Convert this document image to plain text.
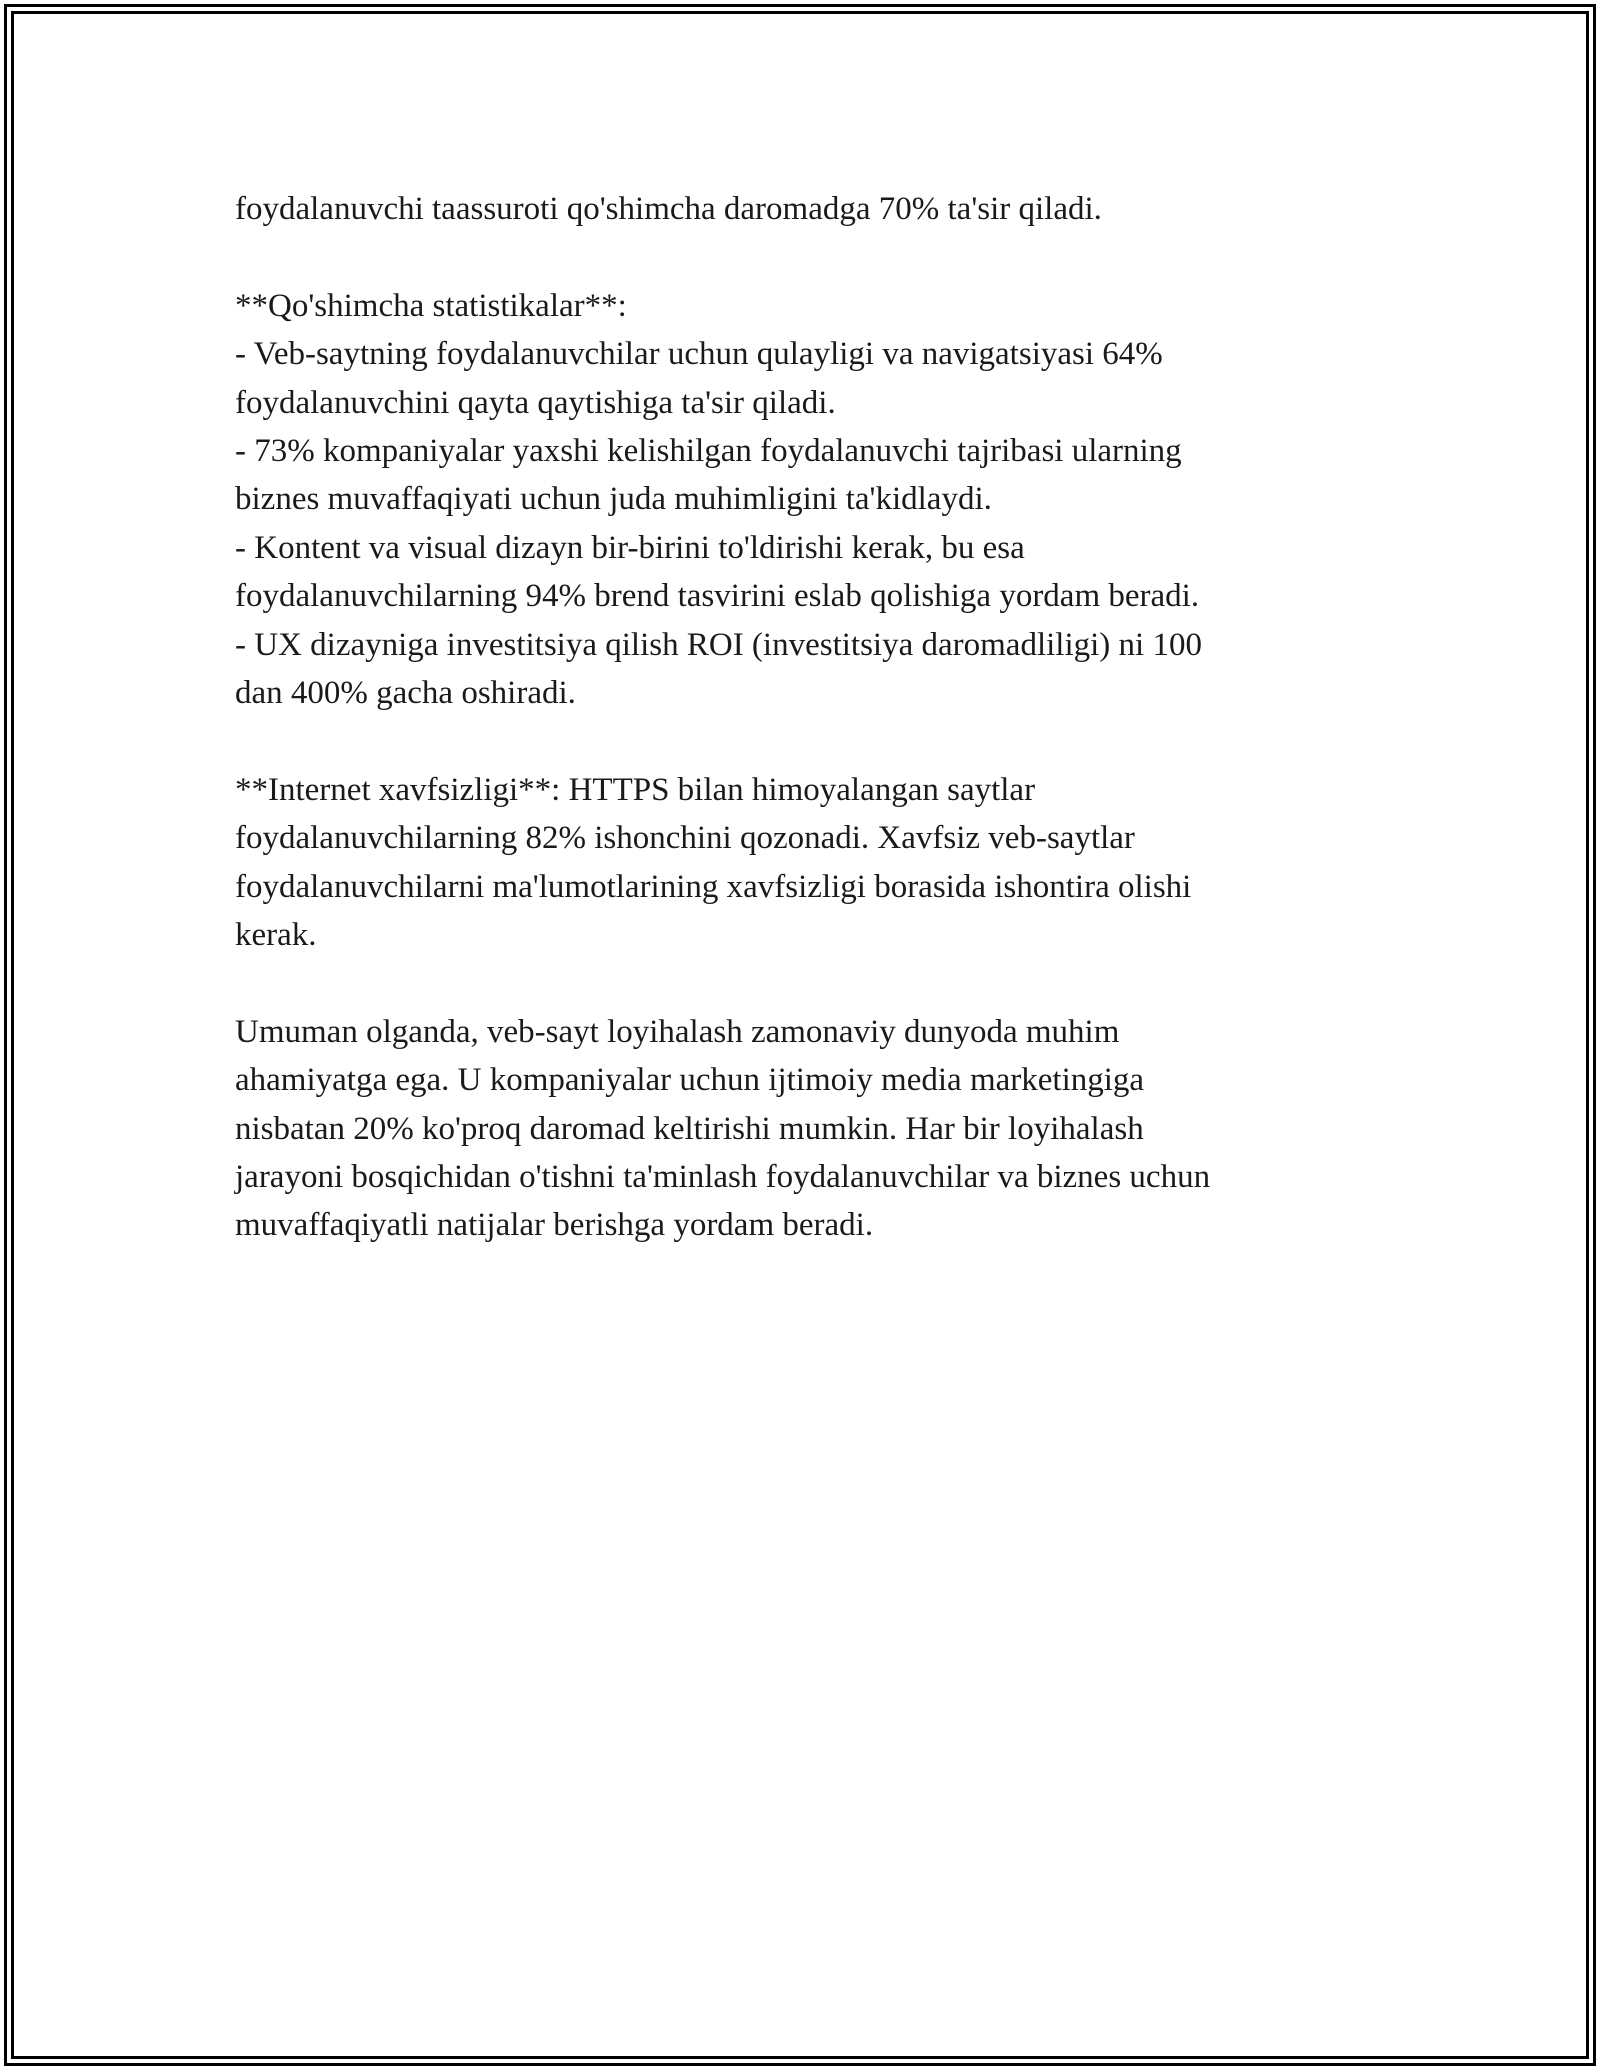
foydalanuvchi taassuroti qo'shimcha daromadga 70% ta'sir qiladi.

**Qo'shimcha statistikalar**:

- Veb-saytning foydalanuvchilar uchun qulayligi va navigatsiyasi 64%

foydalanuvchini qayta qaytishiga ta'sir qiladi.

- 73% kompaniyalar yaxshi kelishilgan foydalanuvchi tajribasi ularning

biznes muvaffaqiyati uchun juda muhimligini ta'kidlaydi.

- Kontent va visual dizayn bir-birini to'ldirishi kerak, bu esa

foydalanuvchilarning 94% brend tasvirini eslab qolishiga yordam beradi.

- UX dizayniga investitsiya qilish ROI (investitsiya daromadliligi) ni 100

dan 400% gacha oshiradi.

**Internet xavfsizligi**: HTTPS bilan himoyalangan saytlar

foydalanuvchilarning 82% ishonchini qozonadi. Xavfsiz veb-saytlar

foydalanuvchilarni ma'lumotlarining xavfsizligi borasida ishontira olishi

kerak.

Umuman olganda, veb-sayt loyihalash zamonaviy dunyoda muhim

ahamiyatga ega. U kompaniyalar uchun ijtimoiy media marketingiga

nisbatan 20% ko'proq daromad keltirishi mumkin. Har bir loyihalash

jarayoni bosqichidan o'tishni ta'minlash foydalanuvchilar va biznes uchun

muvaffaqiyatli natijalar berishga yordam beradi.
